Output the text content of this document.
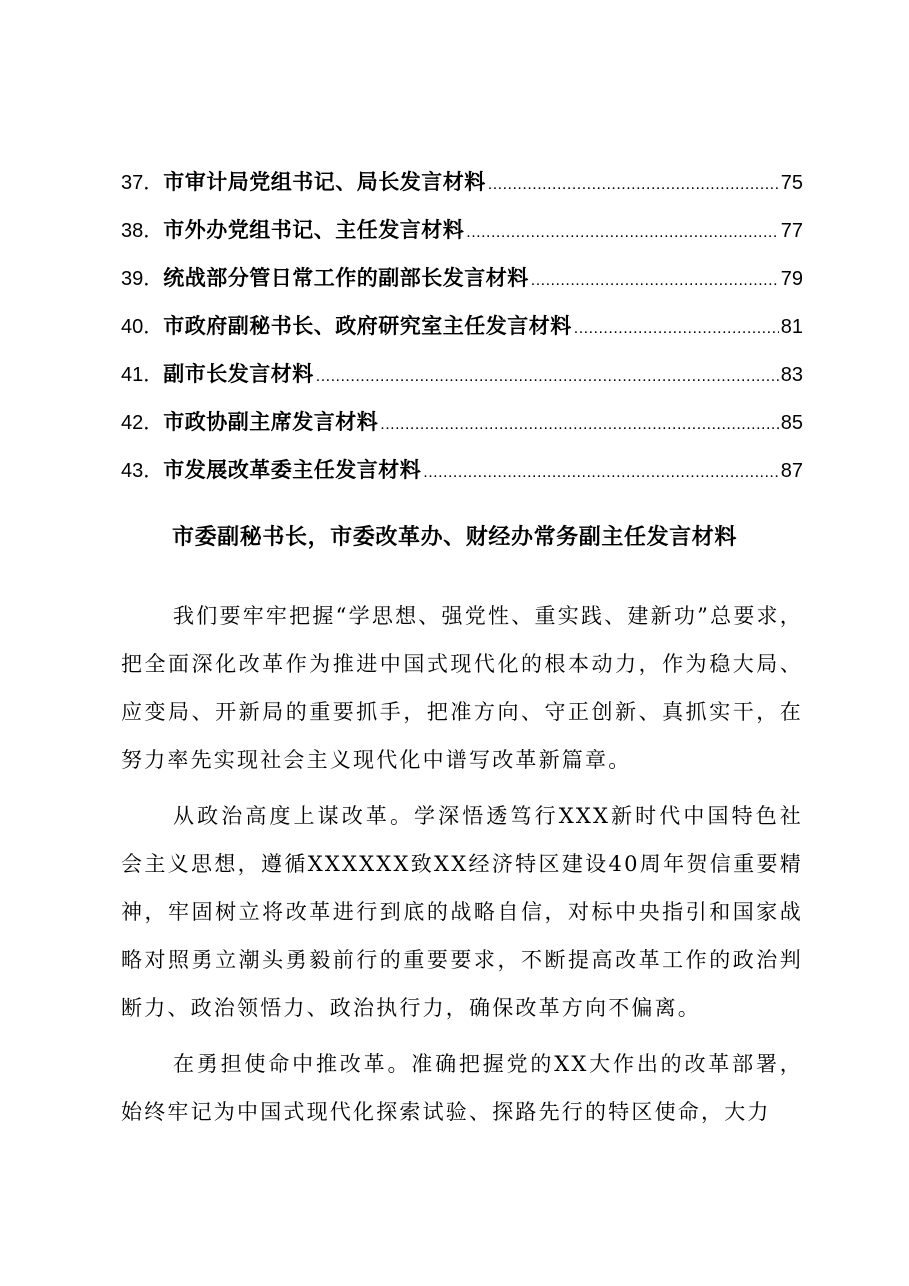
37． 市审计局党组书记、局长发言材料 .....	75
38． 市外办党组书记、主任发言材料 .....	77
39． 统战部分管日常工作的副部长发言材料 .....	79
40． 市政府副秘书长、政府研究室主任发言材料 .....	81
41． 副市长发言材料 .....	83
42． 市政协副主席发言材料 .....	85
43． 市发展改革委主任发言材料 .....	87
市委副秘书长，市委改革办、财经办常务副主任发言材料

我们要牢牢把握“学思想、强党性、重实践、建新功”总要求，把全面深化改革作为推进中国式现代化的根本动力，作为稳大局、应变局、开新局的重要抓手，把准方向、守正创新、真抓实干，在努力率先实现社会主义现代化中谱写改革新篇章。

从政治高度上谋改革。学深悟透笃行XXX新时代中国特色社会主义思想，遵循XXXXXX致XX经济特区建设40周年贺信重要精神，牢固树立将改革进行到底的战略自信，对标中央指引和国家战略对照勇立潮头勇毅前行的重要要求，不断提高改革工作的政治判断力、政治领悟力、政治执行力，确保改革方向不偏离。

在勇担使命中推改革。准确把握党的XX大作出的改革部署，始终牢记为中国式现代化探索试验、探路先行的特区使命，大力
